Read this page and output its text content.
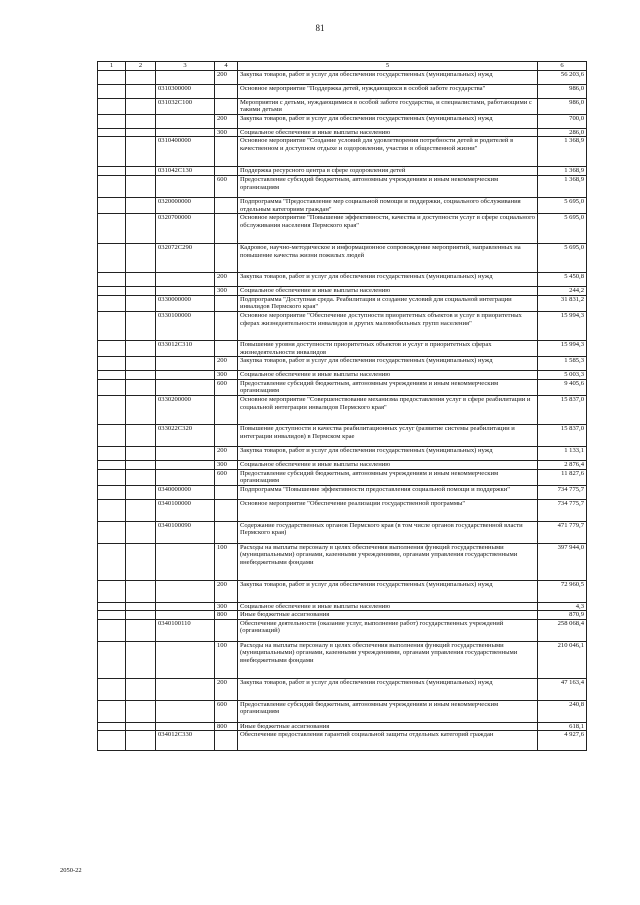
81
1	2	3	4	5	6
			200	Закупка товаров, работ и услуг для обеспечения государственных (муниципальных) нужд	56 203,6
		0310300000		Основное мероприятие "Поддержка детей, нуждающихся в особой заботе государства"	986,0
		031032C100		Мероприятия с детьми, нуждающимися в особой заботе государства, и специалистами, работающими с такими детьми	986,0
			200	Закупка товаров, работ и услуг для обеспечения государственных (муниципальных) нужд	700,0
			300	Социальное обеспечение и иные выплаты населению	286,0
		0310400000		Основное мероприятие "Создание условий для удовлетворения потребности детей и родителей в качественном и доступном отдыхе и оздоровлении, участии в общественной жизни"	1 368,9
		031042C130		Поддержка ресурсного центра в сфере оздоровления детей	1 368,9
			600	Предоставление субсидий бюджетным, автономным учреждениям и иным некоммерческим организациям	1 368,9
		0320000000		Подпрограмма "Предоставление мер социальной помощи и поддержки, социального обслуживания отдельным категориям граждан"	5 695,0
		0320700000		Основное мероприятие "Повышение эффективности, качества и доступности услуг в сфере социального обслуживания населения Пермского края"	5 695,0
		032072C290		Кадровое, научно-методическое и информационное сопровождение мероприятий, направленных на повышение качества жизни пожилых людей	5 695,0
			200	Закупка товаров, работ и услуг для обеспечения государственных (муниципальных) нужд	5 450,8
			300	Социальное обеспечение и иные выплаты населению	244,2
		0330000000		Подпрограмма "Доступная среда. Реабилитация и создание условий для социальной интеграции инвалидов Пермского края"	31 831,2
		0330100000		Основное мероприятие "Обеспечение доступности приоритетных объектов и услуг в приоритетных сферах жизнедеятельности инвалидов и других маломобильных групп населения"	15 994,3
		033012C310		Повышение уровня доступности приоритетных объектов и услуг в приоритетных сферах жизнедеятельности инвалидов	15 994,3
			200	Закупка товаров, работ и услуг для обеспечения государственных (муниципальных) нужд	1 585,3
			300	Социальное обеспечение и иные выплаты населению	5 003,3
			600	Предоставление субсидий бюджетным, автономным учреждениям и иным некоммерческим организациям	9 405,6
		0330200000		Основное мероприятие "Совершенствование механизма предоставления услуг в сфере реабилитации и социальной интеграции инвалидов Пермского края"	15 837,0
		033022C320		Повышение доступности и качества реабилитационных услуг (развитие системы реабилитации и интеграции инвалидов) в Пермском крае	15 837,0
			200	Закупка товаров, работ и услуг для обеспечения государственных (муниципальных) нужд	1 133,1
			300	Социальное обеспечение и иные выплаты населению	2 876,4
			600	Предоставление субсидий бюджетным, автономным учреждениям и иным некоммерческим организациям	11 827,6
		0340000000		Подпрограмма "Повышение эффективности предоставления социальной помощи и поддержки"	734 775,7
		0340100000		Основное мероприятие "Обеспечение реализации государственной программы"	734 775,7
		0340100090		Содержание государственных органов Пермского края (в том числе органов государственной власти Пермского края)	471 779,7
			100	Расходы на выплаты персоналу в целях обеспечения выполнения функций государственными (муниципальными) органами, казенными учреждениями, органами управления государственными внебюджетными фондами	397 944,0
			200	Закупка товаров, работ и услуг для обеспечения государственных (муниципальных) нужд	72 960,5
			300	Социальное обеспечение и иные выплаты населению	4,3
			800	Иные бюджетные ассигнования	870,9
		0340100110		Обеспечение деятельности (оказание услуг, выполнение работ) государственных учреждений (организаций)	258 068,4
			100	Расходы на выплаты персоналу в целях обеспечения выполнения функций государственными (муниципальными) органами, казенными учреждениями, органами управления государственными внебюджетными фондами	210 046,1
			200	Закупка товаров, работ и услуг для обеспечения государственных (муниципальных) нужд	47 163,4
			600	Предоставление субсидий бюджетным, автономным учреждениям и иным некоммерческим организациям	240,8
			800	Иные бюджетные ассигнования	618,1
		034012C330		Обеспечение предоставления гарантий социальной защиты отдельных категорий граждан	4 927,6
2050-22
